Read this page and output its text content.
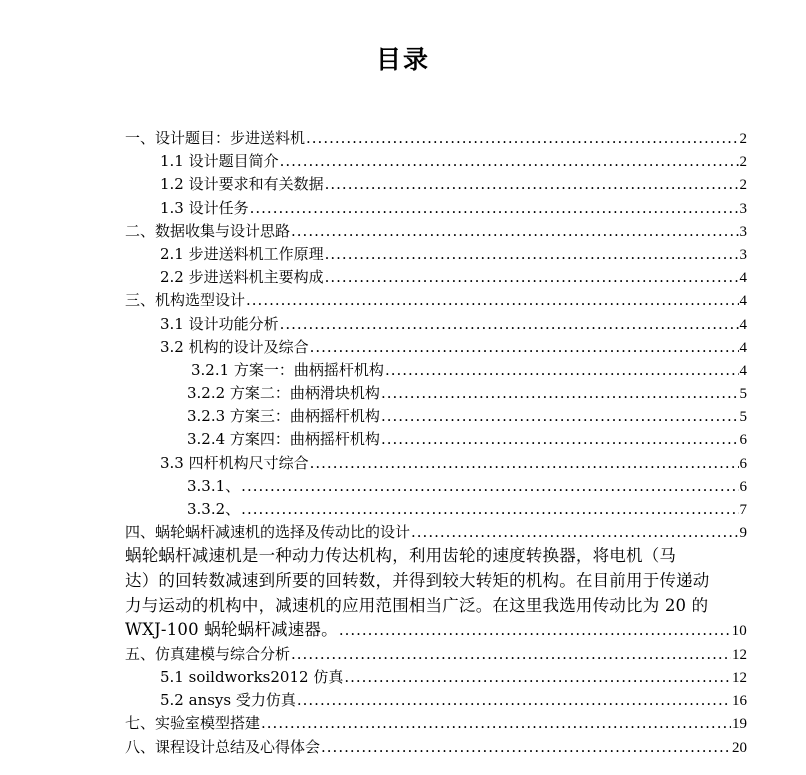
目录
一、设计题目：步进送料机 .....	2
1.1 设计题目简介 .....	2
1.2 设计要求和有关数据 .....	2
1.3 设计任务 .....	3
二、数据收集与设计思路 .....	3
2.1 步进送料机工作原理 .....	3
2.2 步进送料机主要构成 .....	4
三、机构选型设计 .....	4
3.1 设计功能分析 .....	4
3.2 机构的设计及综合 .....	4
3.2.1 方案一：曲柄摇杆机构 .....	4
3.2.2 方案二：曲柄滑块机构 .....	5
3.2.3 方案三：曲柄摇杆机构 .....	5
3.2.4 方案四：曲柄摇杆机构 .....	6
3.3 四杆机构尺寸综合 .....	6
3.3.1、 .....	6
3.3.2、 .....	7
四、蜗轮蜗杆减速机的选择及传动比的设计 .....	9
蜗轮蜗杆减速机是一种动力传达机构，利用齿轮的速度转换器，将电机（马
达）的回转数减速到所要的回转数，并得到较大转矩的机构。在目前用于传递动
力与运动的机构中，减速机的应用范围相当广泛。在这里我选用传动比为 20 的
WXJ-100 蜗轮蜗杆减速器。 .....	10
五、仿真建模与综合分析 .....	12
5.1 soildworks2012 仿真 .....	12
5.2 ansys 受力仿真 .....	16
七、实验室模型搭建 .....	19
八、课程设计总结及心得体会 .....	20
